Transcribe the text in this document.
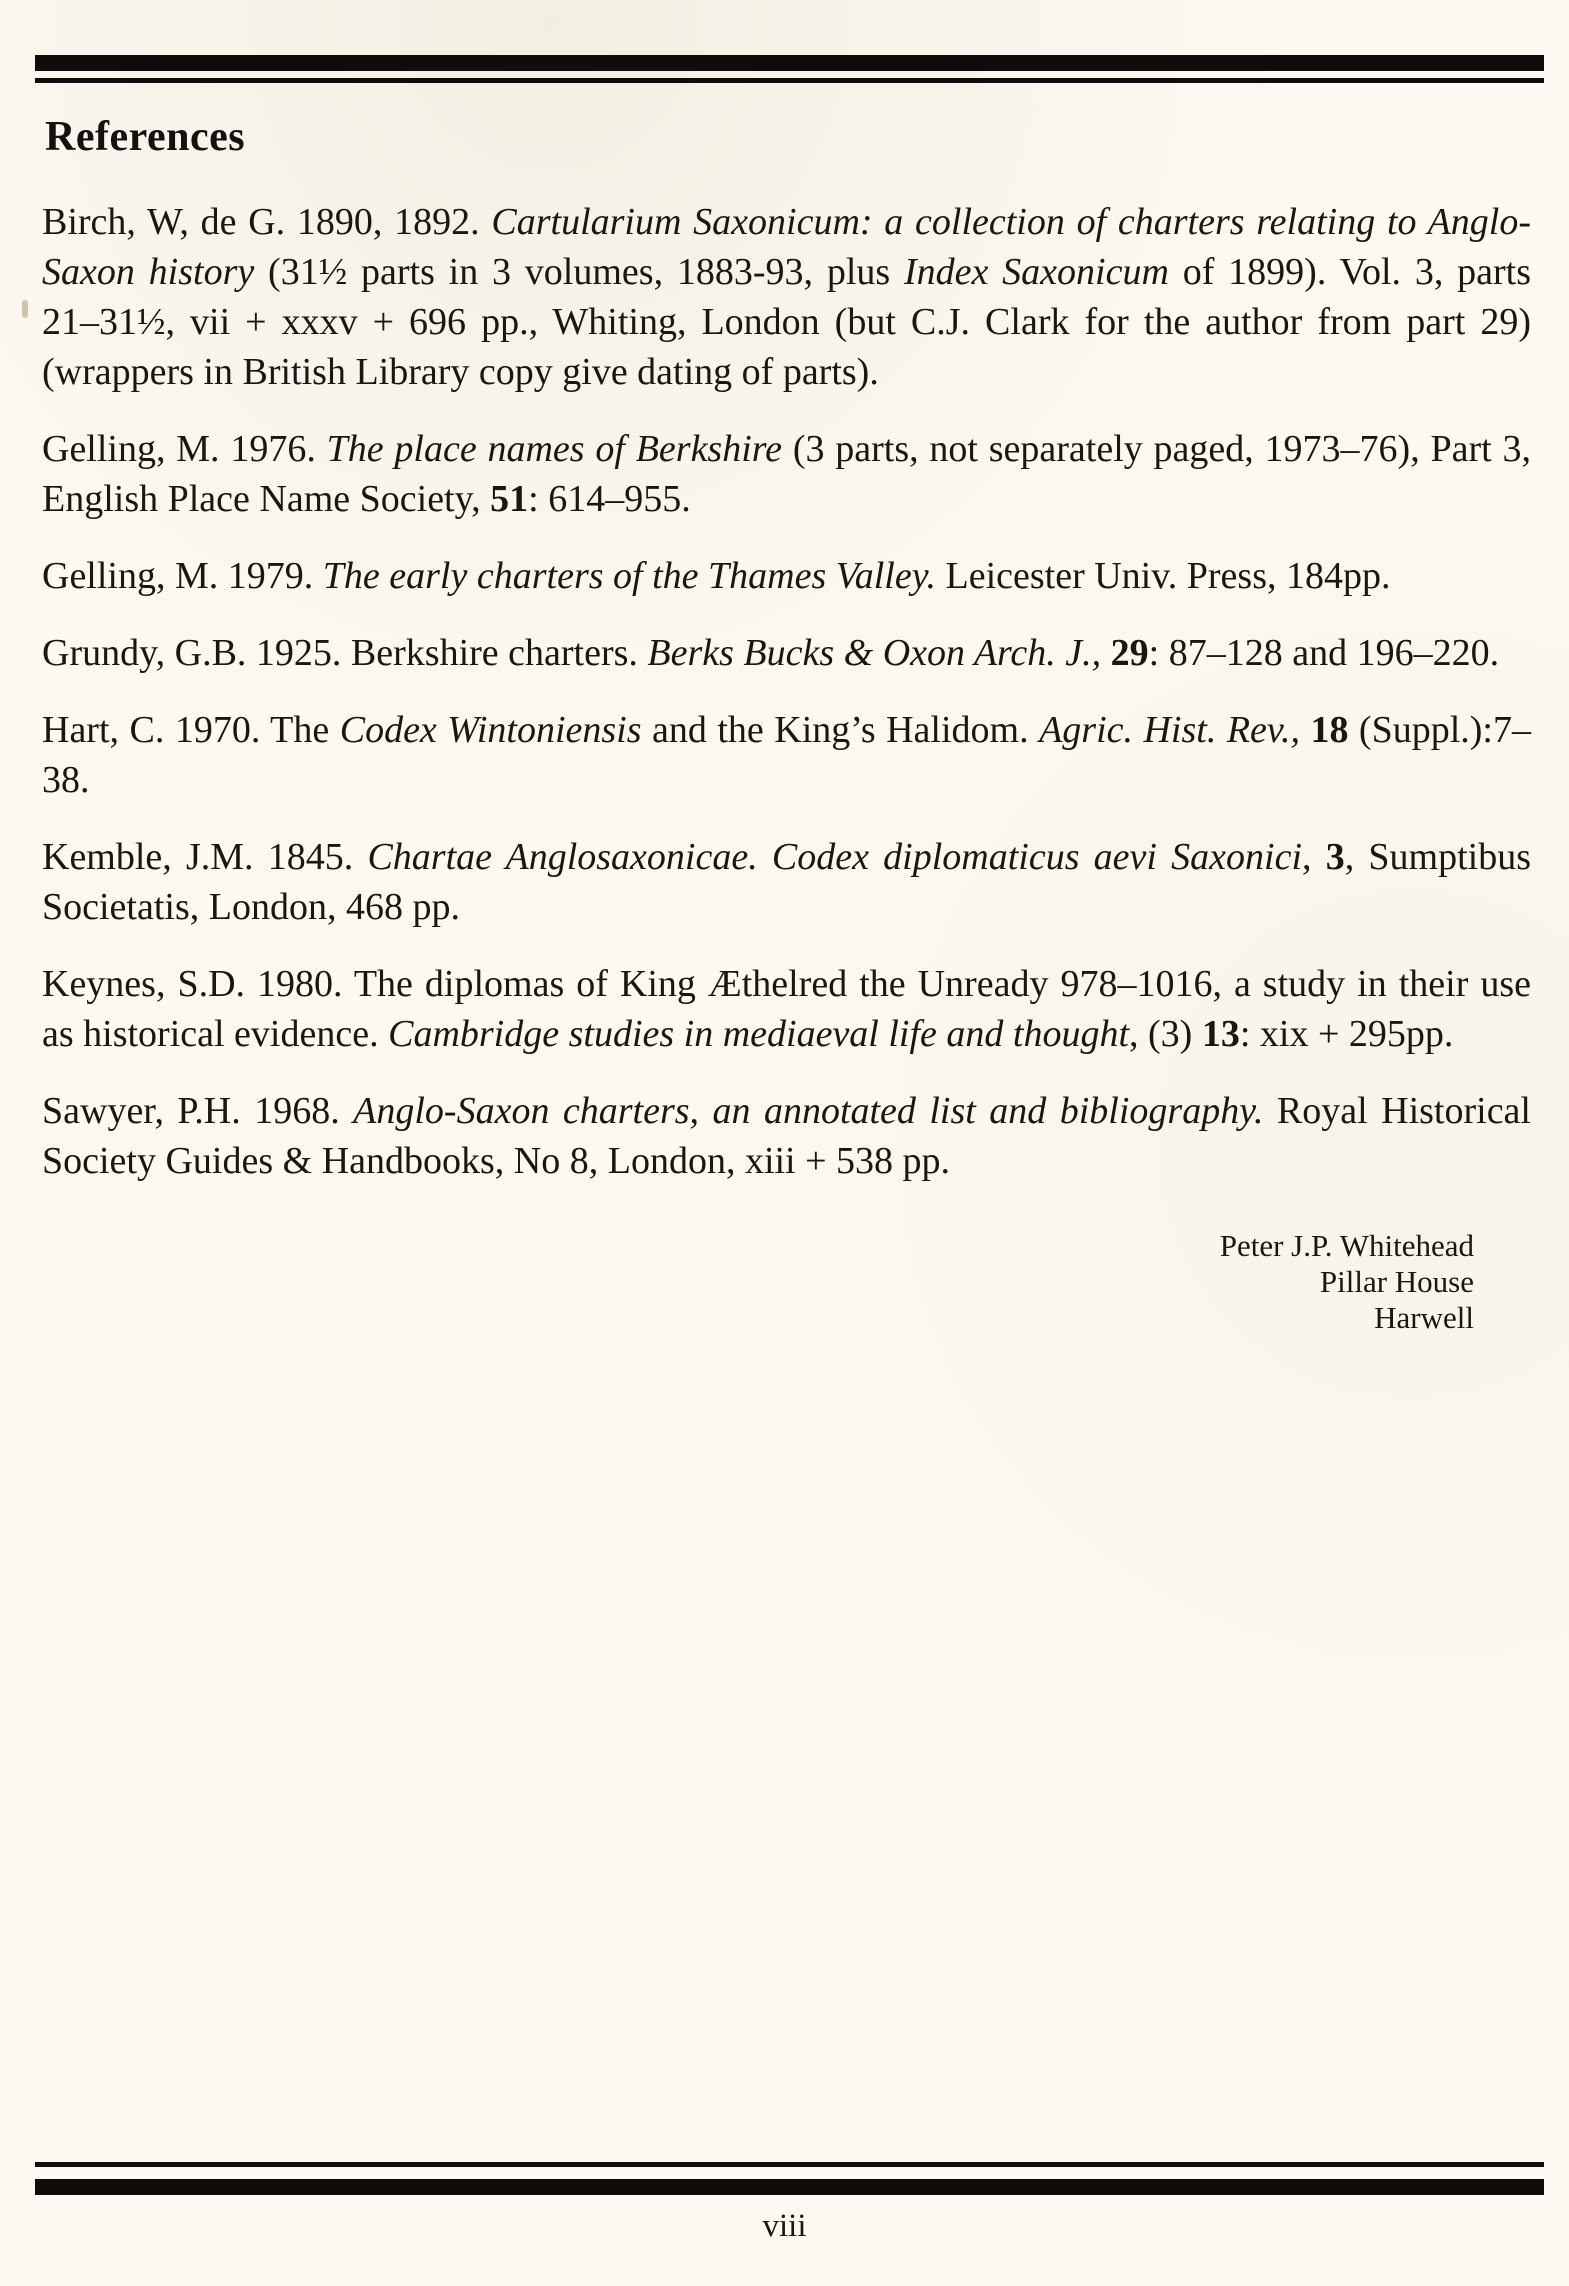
References

Birch, W, de G. 1890, 1892. Cartularium Saxonicum: a collection of charters relating to Anglo-Saxon history (31½ parts in 3 volumes, 1883-93, plus Index Saxonicum of 1899). Vol. 3, parts 21–31½, vii + xxxv + 696 pp., Whiting, London (but C.J. Clark for the author from part 29) (wrappers in British Library copy give dating of parts).

Gelling, M. 1976. The place names of Berkshire (3 parts, not separately paged, 1973–76), Part 3, English Place Name Society, 51: 614–955.

Gelling, M. 1979. The early charters of the Thames Valley. Leicester Univ. Press, 184pp.

Grundy, G.B. 1925. Berkshire charters. Berks Bucks & Oxon Arch. J., 29: 87–128 and 196–220.

Hart, C. 1970. The Codex Wintoniensis and the King’s Halidom. Agric. Hist. Rev., 18 (Suppl.):7–38.

Kemble, J.M. 1845. Chartae Anglosaxonicae. Codex diplomaticus aevi Saxonici, 3, Sumptibus Societatis, London, 468 pp.

Keynes, S.D. 1980. The diplomas of King Æthelred the Unready 978–1016, a study in their use as historical evidence. Cambridge studies in mediaeval life and thought, (3) 13: xix + 295pp.

Sawyer, P.H. 1968. Anglo-Saxon charters, an annotated list and bibliography. Royal Historical Society Guides & Handbooks, No 8, London, xiii + 538 pp.

Peter J.P. Whitehead
Pillar House
Harwell
viii
